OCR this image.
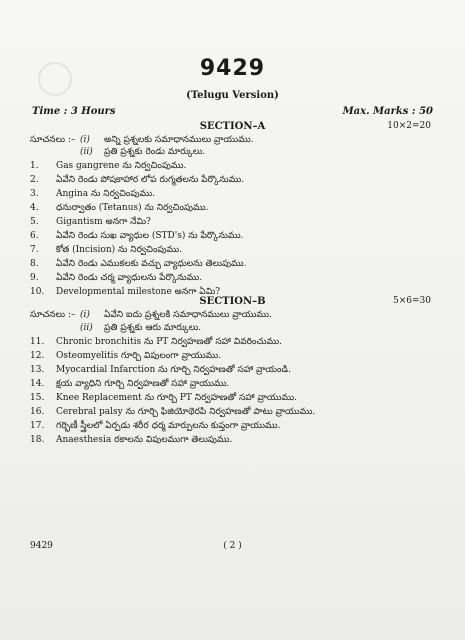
9429
(Telugu Version)
Time : 3 Hours	Max. Marks : 50
SECTION–A	10×2=20
సూచనలు :– (i) అన్ని ప్రశ్నలకు సమాధానములు వ్రాయుము.
(ii) ప్రతి ప్రశ్నకు రెండు మార్కులు.
1. Gas gangrene ను నిర్వచింపుము.
2. ఏవేని రెండు పోషకాహార లోప రుగ్మతలను పేర్కొనుము.
3. Angina ను నిర్వచింపుము.
4. ధనుర్వాతం (Tetanus) ను నిర్వచింపుము.
5. Gigantism అనగా నేమి?
6. ఏవేని రెండు సుఖ వ్యాధుల (STD's) ను పేర్కొనుము.
7. కోత (Incision) ను నిర్వచింపుము.
8. ఏవేని రెండు ఎముకలకు వచ్చు వ్యాధులను తెలుపుము.
9. ఏవేని రెండు చర్మ వ్యాధులను పేర్కొనుము.
10. Developmental milestone అనగా ఏమి?
SECTION–B	5×6=30
సూచనలు :– (i) ఏవేని ఐదు ప్రశ్నలకి సమాధానములు వ్రాయుము.
(ii) ప్రతి ప్రశ్నకు ఆరు మార్కులు.
11. Chronic bronchitis ను PT నిర్వహణతో సహా వివరించుము.
12. Osteomyelitis గూర్చి విపులంగా వ్రాయుము.
13. Myocardial Infarction ను గూర్చి నిర్వహణతో సహా వ్రాయండి.
14. క్షయ వ్యాధిని గూర్చి నిర్వహణతో సహా వ్రాయుము.
15. Knee Replacement ను గూర్చి PT నిర్వహణతో సహా వ్రాయుము.
16. Cerebral palsy ను గూర్చి ఫిజియోథెరపి నిర్వహణతో పాటు వ్రాయుము.
17. గర్భిణీ స్త్రీలలో ఏర్పడు శరీర ధర్మ మార్పులను కుప్తంగా వ్రాయుము.
18. Anaesthesia రకాలను విపులముగా తెలుపుము.
9429	( 2 )
